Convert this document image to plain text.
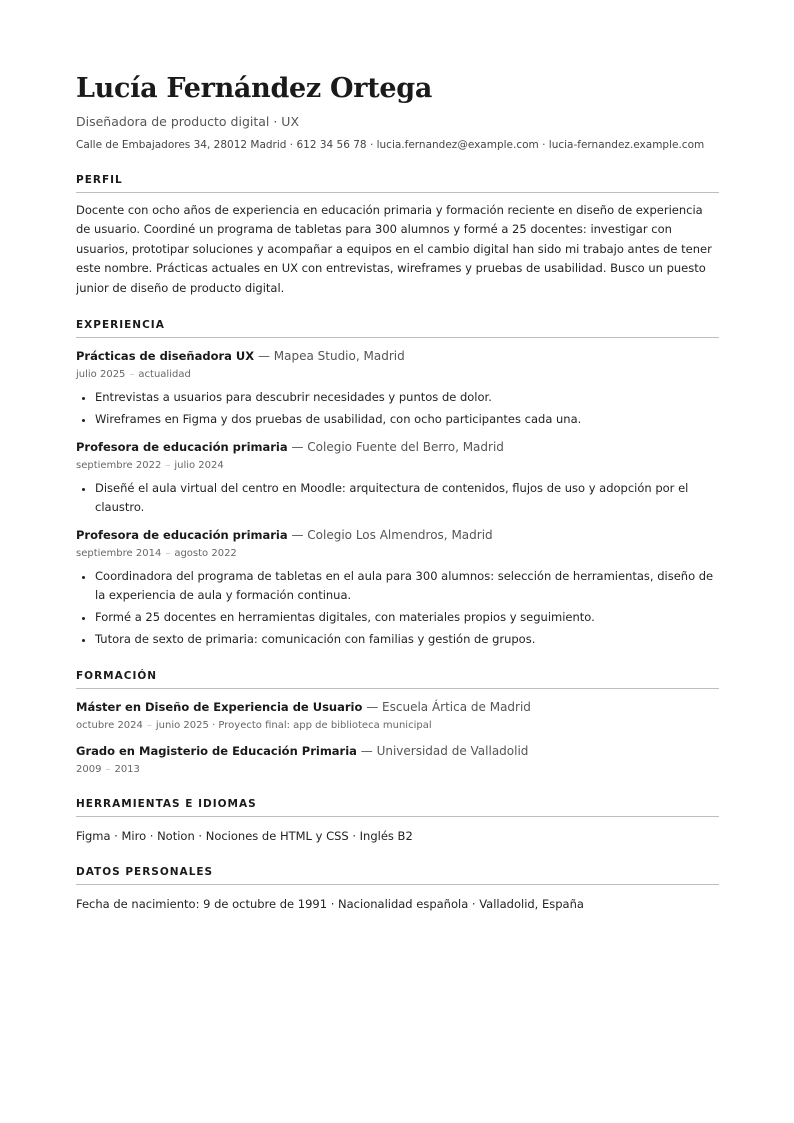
Lucía Fernández Ortega
Diseñadora de producto digital · UX
Calle de Embajadores 34, 28012 Madrid · 612 34 56 78 · lucia.fernandez@example.com · lucia-fernandez.example.com
PERFIL
Docente con ocho años de experiencia en educación primaria y formación reciente en diseño de experiencia de usuario. Coordiné un programa de tabletas para 300 alumnos y formé a 25 docentes: investigar con usuarios, prototipar soluciones y acompañar a equipos en el cambio digital han sido mi trabajo antes de tener este nombre. Prácticas actuales en UX con entrevistas, wireframes y pruebas de usabilidad. Busco un puesto junior de diseño de producto digital.
EXPERIENCIA
Prácticas de diseñadora UX — Mapea Studio, Madrid
julio 2025 – actualidad
• Entrevistas a usuarios para descubrir necesidades y puntos de dolor.
• Wireframes en Figma y dos pruebas de usabilidad, con ocho participantes cada una.
Profesora de educación primaria — Colegio Fuente del Berro, Madrid
septiembre 2022 – julio 2024
• Diseñé el aula virtual del centro en Moodle: arquitectura de contenidos, flujos de uso y adopción por el claustro.
Profesora de educación primaria — Colegio Los Almendros, Madrid
septiembre 2014 – agosto 2022
• Coordinadora del programa de tabletas en el aula para 300 alumnos: selección de herramientas, diseño de la experiencia de aula y formación continua.
• Formé a 25 docentes en herramientas digitales, con materiales propios y seguimiento.
• Tutora de sexto de primaria: comunicación con familias y gestión de grupos.
FORMACIÓN
Máster en Diseño de Experiencia de Usuario — Escuela Ártica de Madrid
octubre 2024 – junio 2025 · Proyecto final: app de biblioteca municipal
Grado en Magisterio de Educación Primaria — Universidad de Valladolid
2009 – 2013
HERRAMIENTAS E IDIOMAS
Figma · Miro · Notion · Nociones de HTML y CSS · Inglés B2
DATOS PERSONALES
Fecha de nacimiento: 9 de octubre de 1991 · Nacionalidad española · Valladolid, España
